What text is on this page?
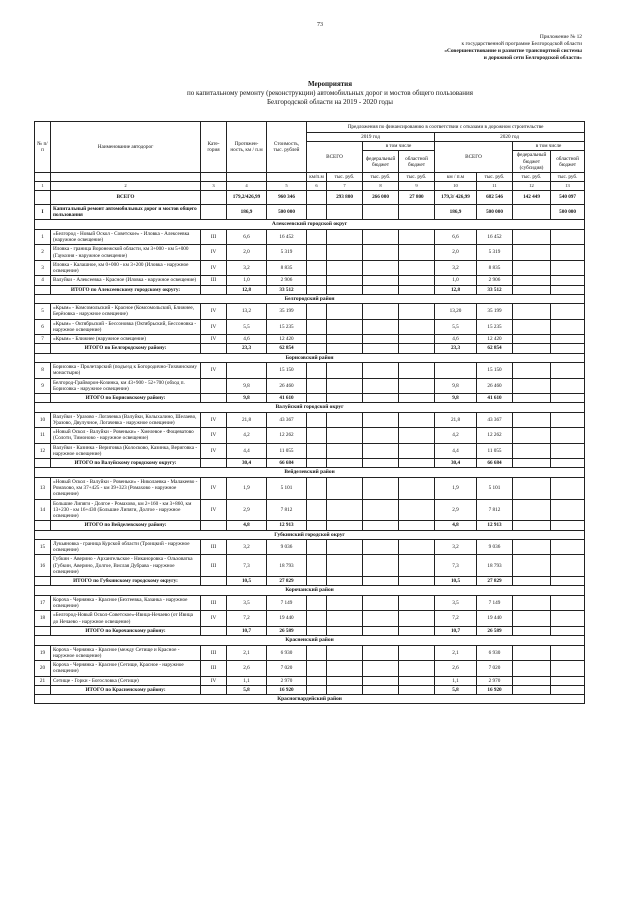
73
Приложение № 12
к государственной программе Белгородской области
«Совершенствование и развитие транспортной системы
и дорожной сети Белгородской области»
Мероприятия
по капитальному ремонту (реконструкции) автомобильных дорог и мостов общего пользования
Белгородской области на 2019 - 2020 годы
№ п/п	Наименование автодорог	Кате-гория	Протяжен-ность, км / п.м	Стоимость, тыс. рублей	Предложения по финансированию в соответствии с отказами в дорожном строительстве							
					2019 год				2020 год			
					ВСЕГО		в том числе		ВСЕГО		в том числе	
							федеральный бюджет	областной бюджет			федеральный бюджет (субсидия)	областной бюджет
					км/п.м	тыс. руб.	тыс. руб.	тыс. руб.	км / п.м	тыс. руб.	тыс. руб.	тыс. руб.
1	2	3	4	5	6	7	8	9	10	11	12	13
	ВСЕГО		179,2/426,99	960 346		293 800	266 000	27 800	179,3/ 426,99	682 546	142 449	540 097
I	Капитальный ремонт автомобильных дорог и мостов общего пользования		186,9	500 000					186,9	500 000		500 000
Алексеевский городской округ												
1	«Белгород - Новый Оскол - Советское» - Иловка - Алексеевка (наружное освещение)	III	6,6	16 452					6,6	16 452		
2	Иловка - граница Воронежской области, км 3+000 - км 5+000 (Гаукозня - наружное освещение)	IV	2,0	5 319					2,0	5 319		
3	Иловка - Калашное, км 0+000 - км 3+200 (Иловка - наружное освещение)	IV	3,2	8 835					3,2	8 835		
4	Валуйки - Алексеевка - Красное (Иловка - наружное освещение)	III	1,0	2 906					1,0	2 906		
	ИТОГО по Алексеевскому городскому округу:		12,8	33 512					12,8	33 512		
Белгородский район												
5	«Крым» - Комсомольский - Красное (Комсомольский, Ближнее, Берёзовка - наружное освещение)	IV	13,2	35 199					13,20	35 199		
6	«Крым» - Октябрьский - Бессоновка (Октябрьский, Бессоновка - наружное освещение)	IV	5,5	15 235					5,5	15 235		
7	«Крым» - Ближнее (наружное освещение)	IV	4,6	12 420					4,6	12 420		
	ИТОГО по Белгородскому району:		23,3	62 854					23,3	62 854		
Борисовский район												
8	Борисовка - Пролетарский (подъезд к Богородично-Тихвинскому монастырю)	IV		15 150						15 150		
9	Белгород-Грайворон-Козинка, км 43+900 - 52+700 (обход п. Борисовка - наружное освещение)		9,8	26 460					9,8	26 460		
	ИТОГО по Борисовскому району:		9,8	41 610					9,8	41 610		
Валуйский городской округ												
10	Валуйки - Уразово - Логачевка (Валуйки, Колыхалино, Шелаево, Уразово, Двулучное, Логачевка - наружное освещение)	IV	21,8	43 367					21,8	43 367		
11	«Новый Оскол - Валуйки - Ровеньки» - Хмелевое - Фощеватово (Солоти, Тимоново - наружное освещение)	IV	4,2	12 262					4,2	12 262		
12	Валуйки - Казинка - Вериговка (Колосково, Казинка, Вериговка - наружное освещение)	IV	4,4	11 055					4,4	11 055		
	ИТОГО по Валуйскому городскому округу:		30,4	66 684					30,4	66 684		
Вейделевский район												
13	«Новый Оскол - Валуйки - Ровеньки» - Николаевка - Малакеево - Ромахово, км 37+425 - км 39+323 (Ромахово - наружное освещение)	IV	1,9	5 101					1,9	5 101		
14	Большие Липяги - Долгое - Ромахово, км 2+160 - км 3+860, км 13+230 - км 16+430 (Большие Липяги, Долгое - наружное освещение)	IV	2,9	7 812					2,9	7 812		
	ИТОГО по Вейделевскому району:		4,8	12 913					4,8	12 913		
Губкинский городской округ												
15	Лукьяновка - граница Курской области (Троицкий - наружное освещение)	III	3,2	9 036					3,2	9 036		
16	Губкин - Аверино - Архангельское - Никаноровка - Ольховатка (Губкин, Аверино, Долгое, Вислая Дубрава - наружное освещение)	III	7,3	18 793					7,3	18 793		
	ИТОГО по Губкинскому городскому округу:		10,5	27 829					10,5	27 829		
Корочанский район												
17	Короча - Чернянка - Красное (Бехтеевка, Казанка - наружное освещение)	III	3,5	7 149					3,5	7 149		
18	«Белгород-Новый Оскол-Советское»-Ивица-Нечаево (от Ивица до Нечаево - наружное освещение)	IV	7,2	19 440					7,2	19 440		
	ИТОГО по Корочанскому району:		10,7	26 589					10,7	26 589		
Красненский район												
19	Короча - Чернянка - Красное (между Сетище и Красное - наружное освещение)	III	2,1	6 930					2,1	6 930		
20	Короча - Чернянка - Красное (Сетище, Красное - наружное освещение)	III	2,6	7 020					2,6	7 020		
21	Сетище - Горки - Богословка (Сетище)	IV	1,1	2 970					1,1	2 970		
	ИТОГО по Красненскому району:		5,8	16 920					5,8	16 920		
Красногвардейский район												
